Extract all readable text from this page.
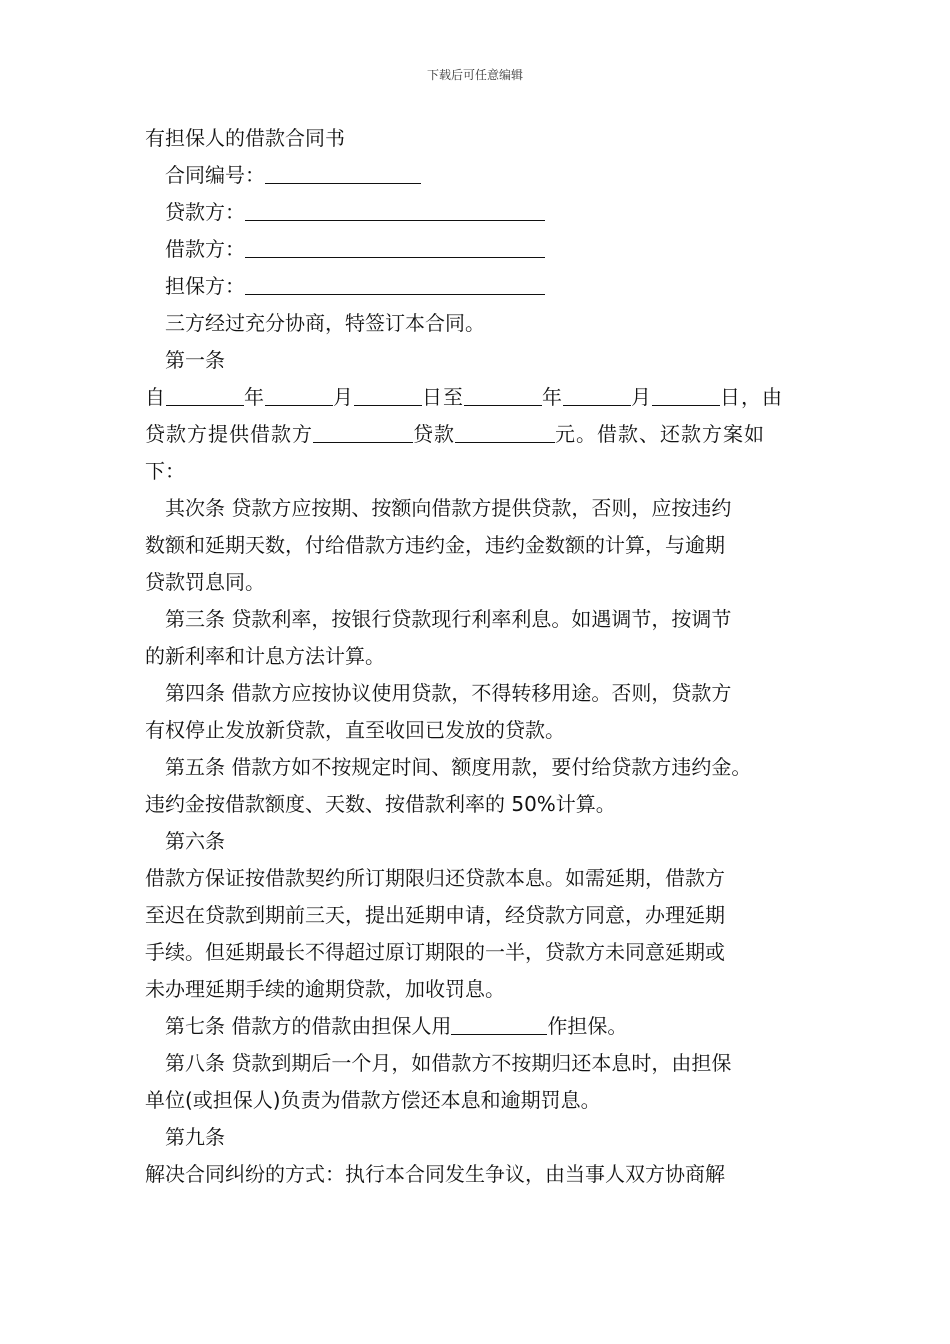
下载后可任意编辑
有担保人的借款合同书
合同编号：
贷款方：
借款方：
担保方：
三方经过充分协商，特签订本合同。
第一条
自	年	月	日至	年	月	日，由
贷款方提供借款方	贷款	元。借款、还款方案如
下：
其次条 贷款方应按期、按额向借款方提供贷款，否则，应按违约
数额和延期天数，付给借款方违约金，违约金数额的计算，与逾期
贷款罚息同。
第三条 贷款利率，按银行贷款现行利率利息。如遇调节，按调节
的新利率和计息方法计算。
第四条 借款方应按协议使用贷款，不得转移用途。否则，贷款方
有权停止发放新贷款，直至收回已发放的贷款。
第五条 借款方如不按规定时间、额度用款，要付给贷款方违约金。
违约金按借款额度、天数、按借款利率的 50%计算。
第六条
借款方保证按借款契约所订期限归还贷款本息。如需延期，借款方
至迟在贷款到期前三天，提出延期申请，经贷款方同意，办理延期
手续。但延期最长不得超过原订期限的一半，贷款方未同意延期或
未办理延期手续的逾期贷款，加收罚息。
第七条 借款方的借款由担保人用	作担保。
第八条 贷款到期后一个月，如借款方不按期归还本息时，由担保
单位(或担保人)负责为借款方偿还本息和逾期罚息。
第九条
解决合同纠纷的方式：执行本合同发生争议，由当事人双方协商解
